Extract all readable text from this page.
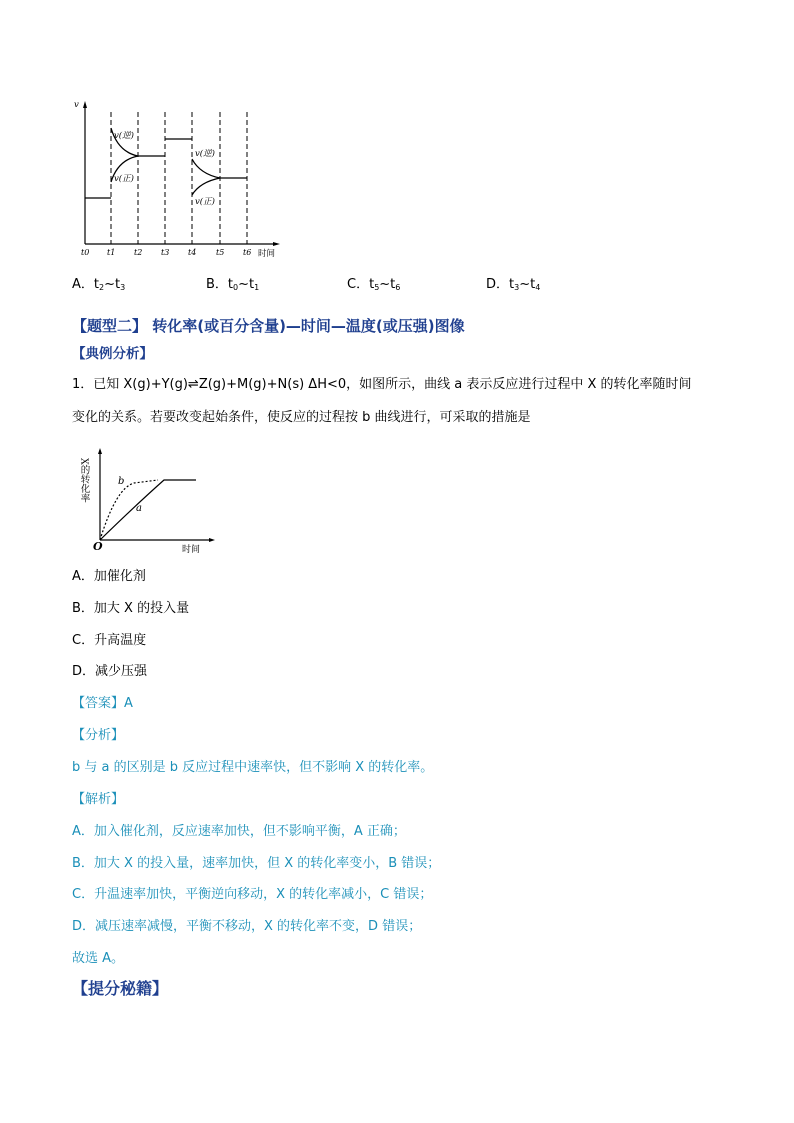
v
v(逆)
v(正)
v(逆)
v(正)
t0 t1 t2 t3 t4 t5 t6 时间
A．$t_2\sim t_3$	B．$t_0\sim t_1$	C．$t_5\sim t_6$	D．$t_3\sim t_4$
【题型二】 转化率(或百分含量)—时间—温度(或压强)图像
【典例分析】
1．已知 X(g)+Y(g)⇌Z(g)+M(g)+N(s) ΔH<0，如图所示，曲线 a 表示反应进行过程中 X 的转化率随时间
变化的关系。若要改变起始条件，使反应的过程按 b 曲线进行，可采取的措施是
X的转化率
O	时间
b
a
A．加催化剂
B．加大 X 的投入量
C．升高温度
D．减少压强
【答案】A
【分析】
b 与 a 的区别是 b 反应过程中速率快，但不影响 X 的转化率。
【解析】
A．加入催化剂，反应速率加快，但不影响平衡，A 正确；
B．加大 X 的投入量，速率加快，但 X 的转化率变小，B 错误；
C．升温速率加快，平衡逆向移动，X 的转化率减小，C 错误；
D．减压速率减慢，平衡不移动，X 的转化率不变，D 错误；
故选 A。
【提分秘籍】
